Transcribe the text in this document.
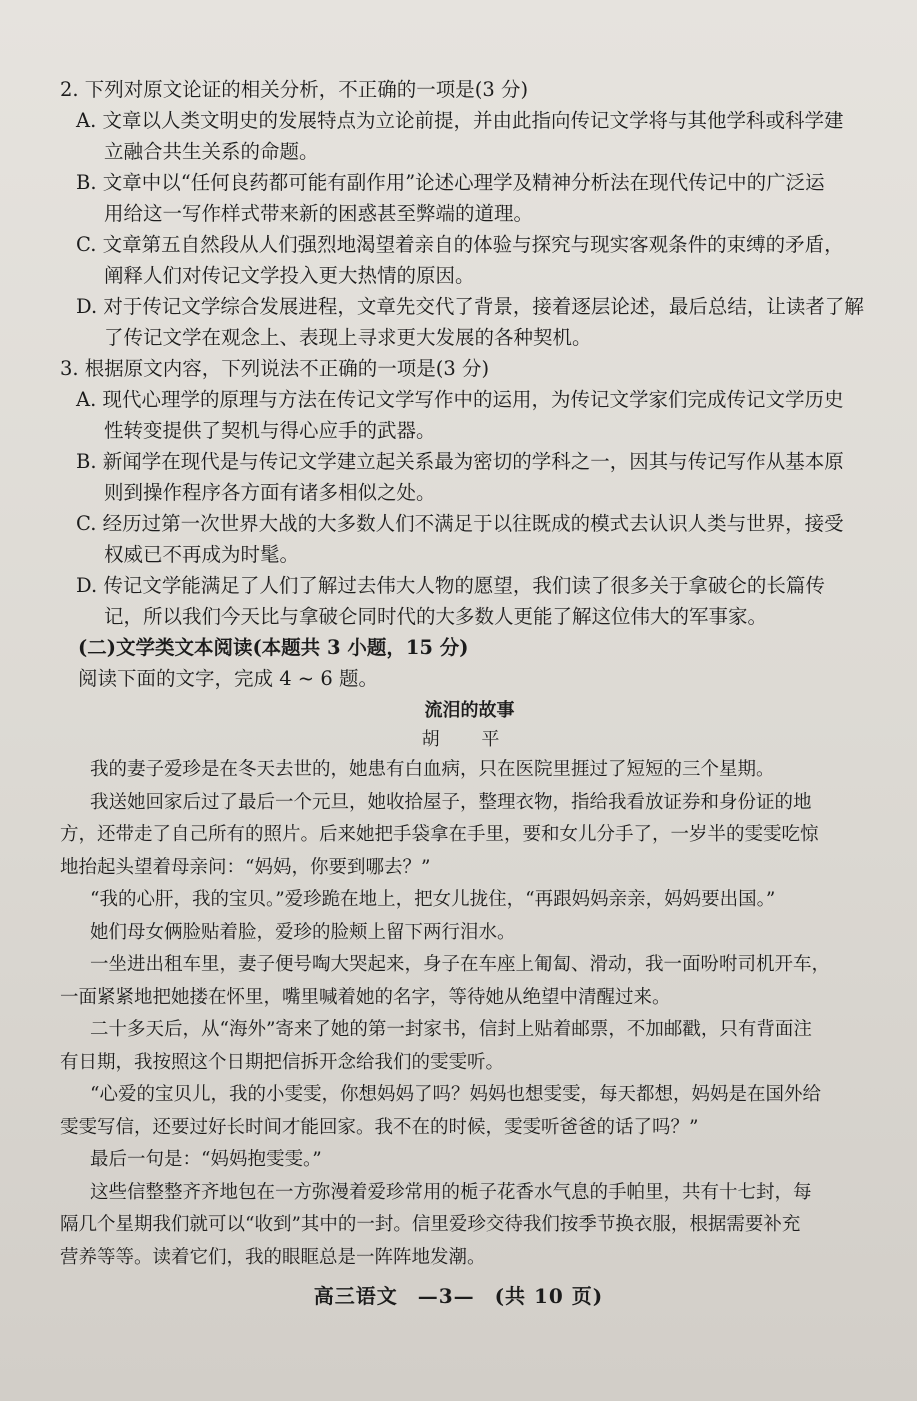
2. 下列对原文论证的相关分析，不正确的一项是(3 分)
A. 文章以人类文明史的发展特点为立论前提，并由此指向传记文学将与其他学科或科学建
立融合共生关系的命题。
B. 文章中以“任何良药都可能有副作用”论述心理学及精神分析法在现代传记中的广泛运
用给这一写作样式带来新的困惑甚至弊端的道理。
C. 文章第五自然段从人们强烈地渴望着亲自的体验与探究与现实客观条件的束缚的矛盾，
阐释人们对传记文学投入更大热情的原因。
D. 对于传记文学综合发展进程，文章先交代了背景，接着逐层论述，最后总结，让读者了解
了传记文学在观念上、表现上寻求更大发展的各种契机。
3. 根据原文内容，下列说法不正确的一项是(3 分)
A. 现代心理学的原理与方法在传记文学写作中的运用，为传记文学家们完成传记文学历史
性转变提供了契机与得心应手的武器。
B. 新闻学在现代是与传记文学建立起关系最为密切的学科之一，因其与传记写作从基本原
则到操作程序各方面有诸多相似之处。
C. 经历过第一次世界大战的大多数人们不满足于以往既成的模式去认识人类与世界，接受
权威已不再成为时髦。
D. 传记文学能满足了人们了解过去伟大人物的愿望，我们读了很多关于拿破仑的长篇传
记，所以我们今天比与拿破仑同时代的大多数人更能了解这位伟大的军事家。
(二)文学类文本阅读(本题共 3 小题，15 分)
阅读下面的文字，完成 4 ~ 6 题。
流泪的故事
胡 平
我的妻子爱珍是在冬天去世的，她患有白血病，只在医院里捱过了短短的三个星期。
我送她回家后过了最后一个元旦，她收拾屋子，整理衣物，指给我看放证券和身份证的地
方，还带走了自己所有的照片。后来她把手袋拿在手里，要和女儿分手了，一岁半的雯雯吃惊
地抬起头望着母亲问：“妈妈，你要到哪去？”
“我的心肝，我的宝贝。”爱珍跪在地上，把女儿拢住，“再跟妈妈亲亲，妈妈要出国。”
她们母女俩脸贴着脸，爱珍的脸颊上留下两行泪水。
一坐进出租车里，妻子便号啕大哭起来，身子在车座上匍匐、滑动，我一面吩咐司机开车，
一面紧紧地把她搂在怀里，嘴里喊着她的名字，等待她从绝望中清醒过来。
二十多天后，从“海外”寄来了她的第一封家书，信封上贴着邮票，不加邮戳，只有背面注
有日期，我按照这个日期把信拆开念给我们的雯雯听。
“心爱的宝贝儿，我的小雯雯，你想妈妈了吗？妈妈也想雯雯，每天都想，妈妈是在国外给
雯雯写信，还要过好长时间才能回家。我不在的时候，雯雯听爸爸的话了吗？”
最后一句是：“妈妈抱雯雯。”
这些信整整齐齐地包在一方弥漫着爱珍常用的栀子花香水气息的手帕里，共有十七封，每
隔几个星期我们就可以“收到”其中的一封。信里爱珍交待我们按季节换衣服，根据需要补充
营养等等。读着它们，我的眼眶总是一阵阵地发潮。
高三语文 —3— (共 10 页)
